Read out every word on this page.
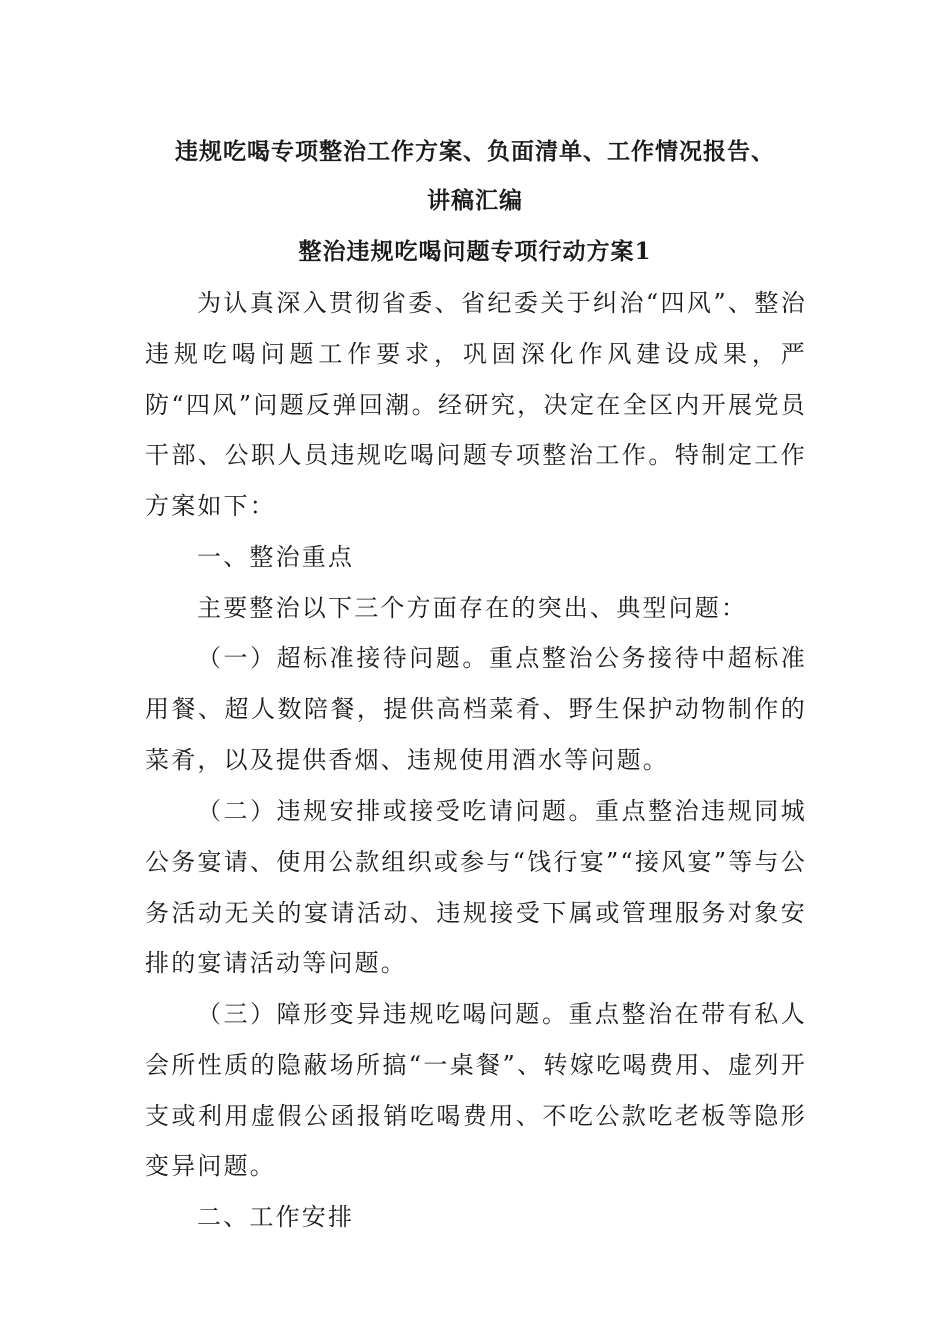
违规吃喝专项整治工作方案、负面清单、工作情况报告、
讲稿汇编
整治违规吃喝问题专项行动方案1

为认真深入贯彻省委、省纪委关于纠治“四风”、整治违规吃喝问题工作要求，巩固深化作风建设成果，严防“四风”问题反弹回潮。经研究，决定在全区内开展党员干部、公职人员违规吃喝问题专项整治工作。特制定工作方案如下：

一、整治重点

主要整治以下三个方面存在的突出、典型问题：

（一）超标准接待问题。重点整治公务接待中超标准用餐、超人数陪餐，提供高档菜肴、野生保护动物制作的菜肴，以及提供香烟、违规使用酒水等问题。

（二）违规安排或接受吃请问题。重点整治违规同城公务宴请、使用公款组织或参与“饯行宴”“接风宴”等与公务活动无关的宴请活动、违规接受下属或管理服务对象安排的宴请活动等问题。

（三）障形变异违规吃喝问题。重点整治在带有私人会所性质的隐蔽场所搞“一桌餐”、转嫁吃喝费用、虚列开支或利用虚假公函报销吃喝费用、不吃公款吃老板等隐形变异问题。

二、工作安排
